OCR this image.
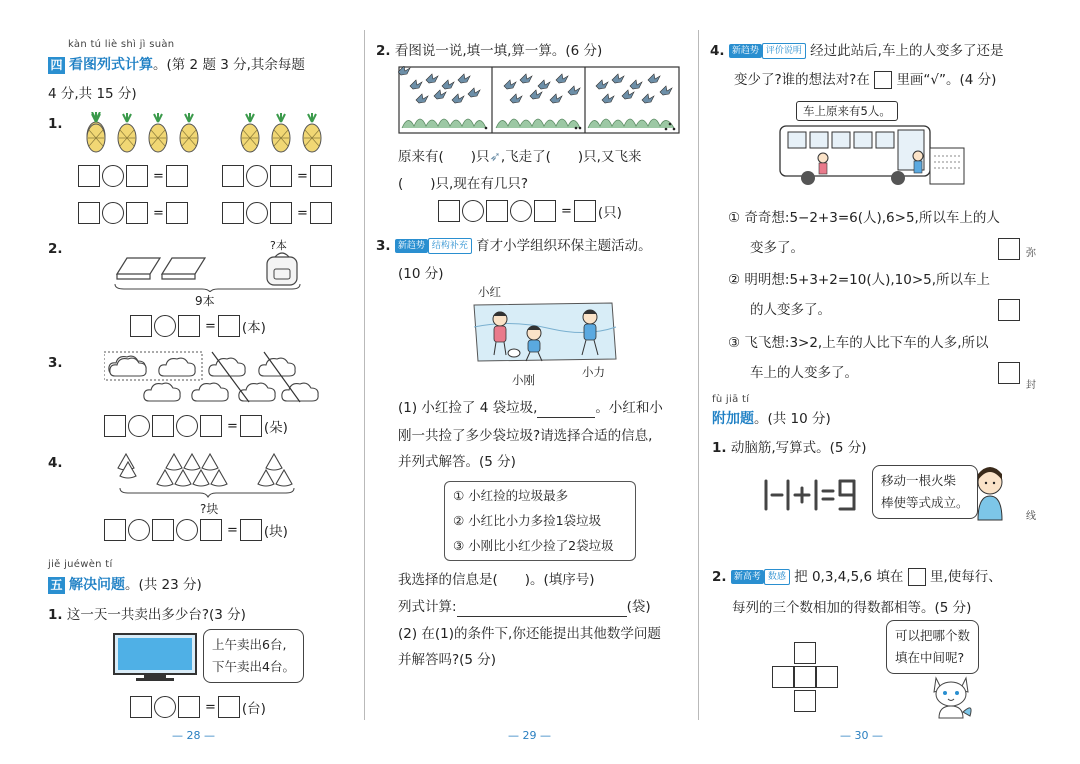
kàn tú liè shì jì suàn
四 看图列式计算。(第 2 题 3 分,其余每题
4 分,共 15 分)
1.
=	=
=	=
2.	?本
9本
= (本)
3.
= (朵)
4.
?块
= (块)
jiě juéwèn tí
五 解决问题。(共 23 分)
1. 这一天一共卖出多少台?(3 分)
上午卖出6台,
下午卖出4台。
= (台)
— 28 —
2. 看图说一说,填一填,算一算。(6 分)
原来有(　　)只➶,飞走了(　　)只,又飞来
(　　)只,现在有几只?
= (只)
3. 新趋势 结构补充 育才小学组织环保主题活动。
(10 分)
小红
小刚
小力
(1) 小红捡了 4 袋垃圾,	。小红和小
刚一共捡了多少袋垃圾?请选择合适的信息,
并列式解答。(5 分)
① 小红捡的垃圾最多
② 小红比小力多捡1袋垃圾
③ 小刚比小红少捡了2袋垃圾
我选择的信息是(　　)。(填序号)
列式计算:	(袋)
(2) 在(1)的条件下,你还能提出其他数学问题
并解答吗?(5 分)
— 29 —
4. 新趋势 评价说明 经过此站后,车上的人变多了还是
变少了?谁的想法对?在 里画“√”。(4 分)
车上原来有5人。
① 奇奇想:5−2+3=6(人),6>5,所以车上的人
变多了。
② 明明想:5+3+2=10(人),10>5,所以车上
的人变多了。
③ 飞飞想:3>2,上车的人比下车的人多,所以
车上的人变多了。
fù jiā tí
附加题。(共 10 分)
1. 动脑筋,写算式。(5 分)
移动一根火柴
棒使等式成立。
2. 新高考 数感 把 0,3,4,5,6 填在 里,使每行、
每列的三个数相加的得数都相等。(5 分)
可以把哪个数
填在中间呢?
弥
封
线
— 30 —
